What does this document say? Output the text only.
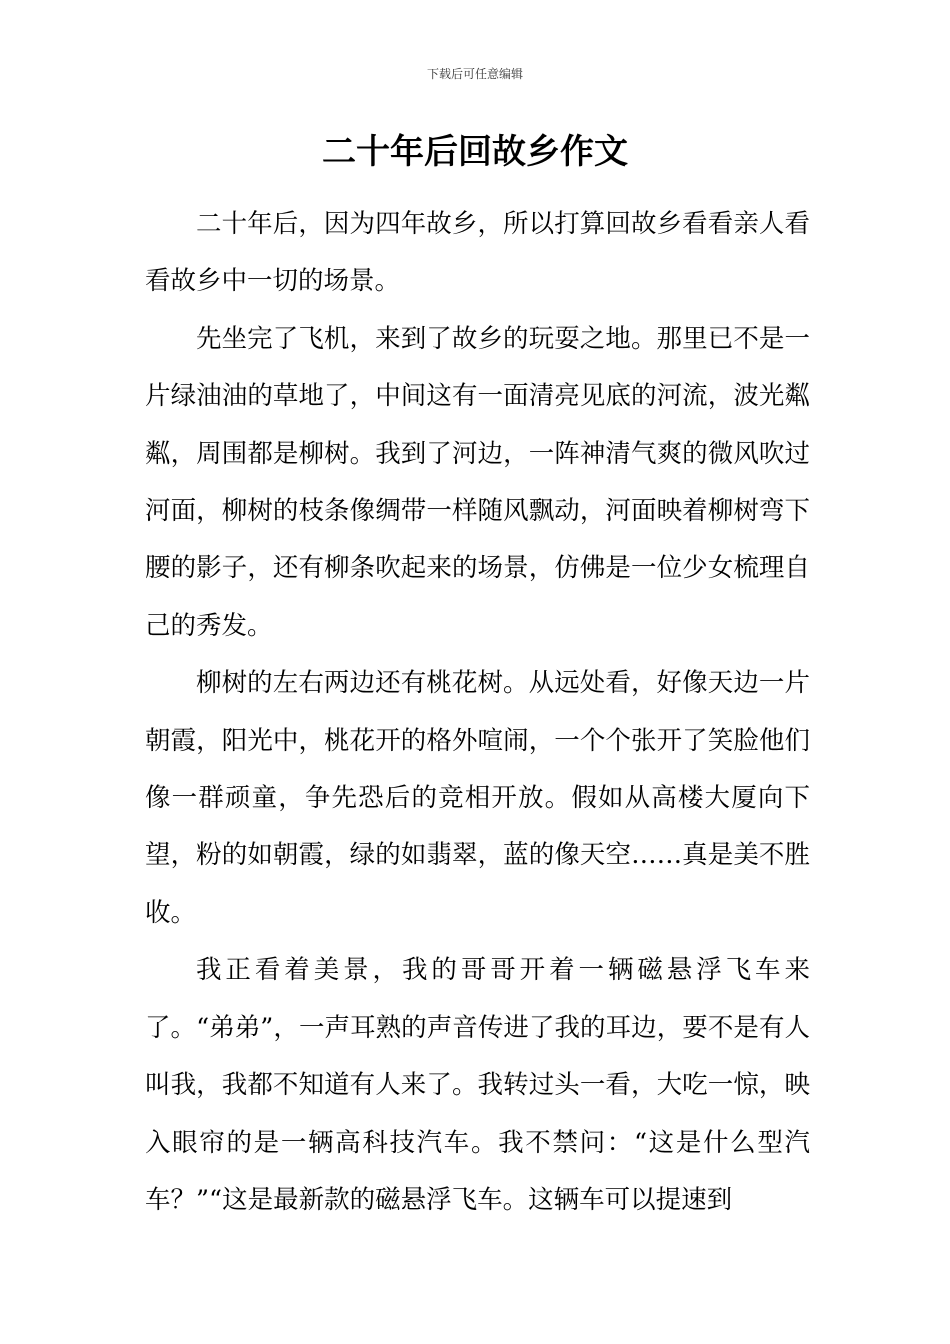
下载后可任意编辑
二十年后回故乡作文

二十年后，因为四年故乡，所以打算回故乡看看亲人看看故乡中一切的场景。

先坐完了飞机，来到了故乡的玩耍之地。那里已不是一片绿油油的草地了，中间这有一面清亮见底的河流，波光粼粼，周围都是柳树。我到了河边，一阵神清气爽的微风吹过河面，柳树的枝条像绸带一样随风飘动，河面映着柳树弯下腰的影子，还有柳条吹起来的场景，仿佛是一位少女梳理自己的秀发。

柳树的左右两边还有桃花树。从远处看，好像天边一片朝霞，阳光中，桃花开的格外喧闹，一个个张开了笑脸他们像一群顽童，争先恐后的竞相开放。假如从高楼大厦向下望，粉的如朝霞，绿的如翡翠，蓝的像天空……真是美不胜收。

我正看着美景，我的哥哥开着一辆磁悬浮飞车来了。“弟弟”，一声耳熟的声音传进了我的耳边，要不是有人叫我，我都不知道有人来了。我转过头一看，大吃一惊，映入眼帘的是一辆高科技汽车。我不禁问：“这是什么型汽车？”“这是最新款的磁悬浮飞车。这辆车可以提速到
